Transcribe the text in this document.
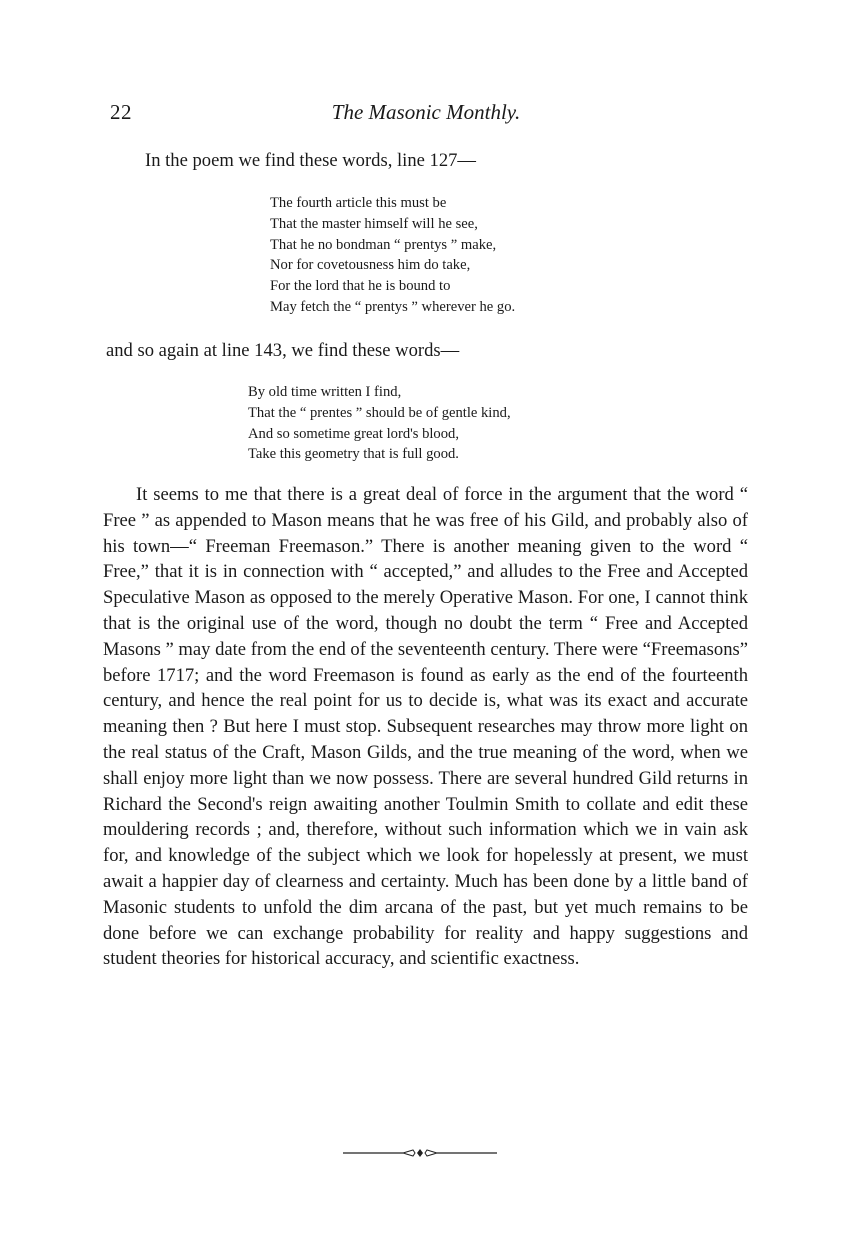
22	The Masonic Monthly.

In the poem we find these words, line 127—

The fourth article this must be
That the master himself will he see,
That he no bondman “ prentys ” make,
Nor for covetousness him do take,
For the lord that he is bound to
May fetch the “ prentys ” wherever he go.

and so again at line 143, we find these words—

By old time written I find,
That the “ prentes ” should be of gentle kind,
And so sometime great lord's blood,
Take this geometry that is full good.

It seems to me that there is a great deal of force in the argument that the word “ Free ” as appended to Mason means that he was free of his Gild, and probably also of his town—“ Freeman Freemason.” There is another meaning given to the word “ Free,” that it is in connection with “ accepted,” and alludes to the Free and Accepted Speculative Mason as opposed to the merely Operative Mason. For one, I cannot think that is the original use of the word, though no doubt the term “ Free and Accepted Masons ” may date from the end of the seventeenth century. There were “Freemasons” before 1717; and the word Freemason is found as early as the end of the fourteenth century, and hence the real point for us to decide is, what was its exact and accurate meaning then ? But here I must stop. Subsequent researches may throw more light on the real status of the Craft, Mason Gilds, and the true meaning of the word, when we shall enjoy more light than we now possess. There are several hundred Gild returns in Richard the Second's reign awaiting another Toulmin Smith to collate and edit these mouldering records ; and, therefore, without such information which we in vain ask for, and knowledge of the subject which we look for hopelessly at present, we must await a happier day of clearness and certainty. Much has been done by a little band of Masonic students to unfold the dim arcana of the past, but yet much remains to be done before we can exchange probability for reality and happy suggestions and student theories for historical accuracy, and scientific exactness.
